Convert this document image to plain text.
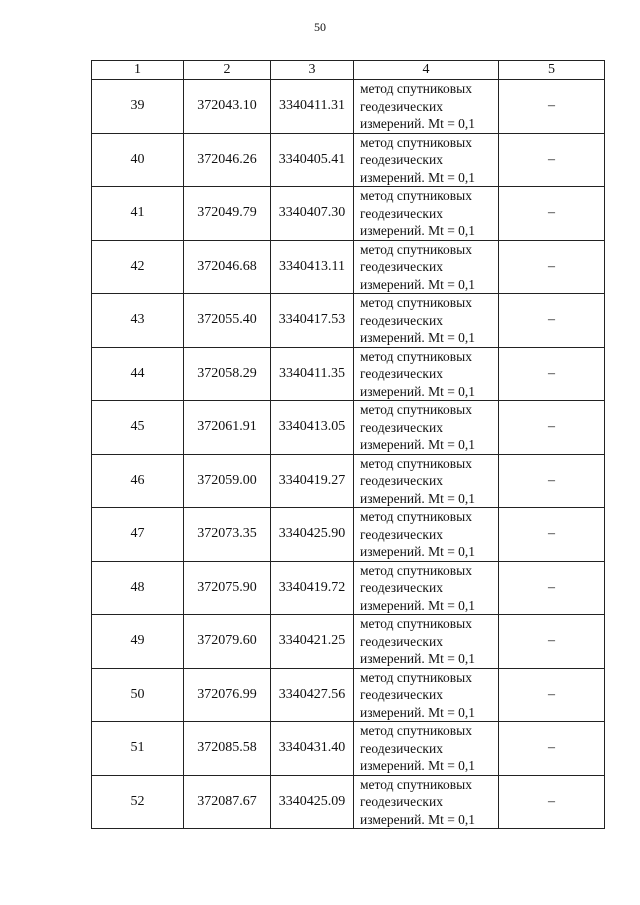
50
1	2	3	4	5
39	372043.10	3340411.31	метод спутниковых
геодезических
измерений. Mt = 0,1	–
40	372046.26	3340405.41	метод спутниковых
геодезических
измерений. Mt = 0,1	–
41	372049.79	3340407.30	метод спутниковых
геодезических
измерений. Mt = 0,1	–
42	372046.68	3340413.11	метод спутниковых
геодезических
измерений. Mt = 0,1	–
43	372055.40	3340417.53	метод спутниковых
геодезических
измерений. Mt = 0,1	–
44	372058.29	3340411.35	метод спутниковых
геодезических
измерений. Mt = 0,1	–
45	372061.91	3340413.05	метод спутниковых
геодезических
измерений. Mt = 0,1	–
46	372059.00	3340419.27	метод спутниковых
геодезических
измерений. Mt = 0,1	–
47	372073.35	3340425.90	метод спутниковых
геодезических
измерений. Mt = 0,1	–
48	372075.90	3340419.72	метод спутниковых
геодезических
измерений. Mt = 0,1	–
49	372079.60	3340421.25	метод спутниковых
геодезических
измерений. Mt = 0,1	–
50	372076.99	3340427.56	метод спутниковых
геодезических
измерений. Mt = 0,1	–
51	372085.58	3340431.40	метод спутниковых
геодезических
измерений. Mt = 0,1	–
52	372087.67	3340425.09	метод спутниковых
геодезических
измерений. Mt = 0,1	–
